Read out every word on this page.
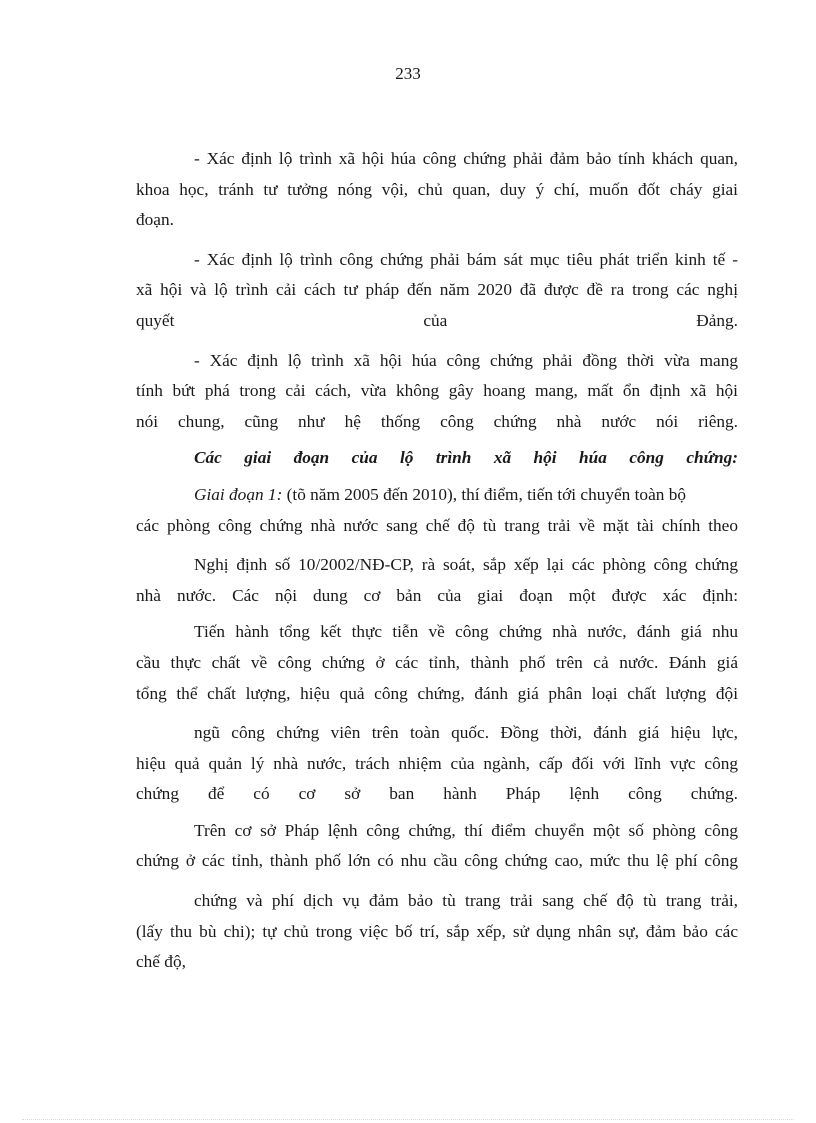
233

- Xác định lộ trình xã hội húa công chứng phải đảm bảo tính khách quan,
khoa học, tránh tư tưởng nóng vội, chủ quan, duy ý chí, muốn đốt cháy giai
đoạn.

- Xác định lộ trình công chứng phải bám sát mục tiêu phát triển kinh tế -
xã hội và lộ trình cải cách tư pháp đến năm 2020 đã được đề ra trong các nghị
quyết của Đảng.

- Xác định lộ trình xã hội húa công chứng phải đồng thời vừa mang
tính bứt phá trong cải cách, vừa không gây hoang mang, mất ổn định xã hội
nói chung, cũng như hệ thống công chứng nhà nước nói riêng.

Các giai đoạn của lộ trình xã hội húa công chứng:

Giai đoạn 1: (tõ năm 2005 đến 2010), thí điểm, tiến tới chuyển toàn bộ
các phòng công chứng nhà nước sang chế độ tù trang trải về mặt tài chính theo

Nghị định số 10/2002/NĐ-CP, rà soát, sắp xếp lại các phòng công chứng
nhà nước. Các nội dung cơ bản của giai đoạn một được xác định:

Tiến hành tổng kết thực tiễn về công chứng nhà nước, đánh giá nhu
cầu thực chất về công chứng ở các tỉnh, thành phố trên cả nước. Đánh giá
tổng thể chất lượng, hiệu quả công chứng, đánh giá phân loại chất lượng đội

ngũ công chứng viên trên toàn quốc. Đồng thời, đánh giá hiệu lực,
hiệu quả quản lý nhà nước, trách nhiệm của ngành, cấp đối với lĩnh vực công
chứng để có cơ sở ban hành Pháp lệnh công chứng.

Trên cơ sở Pháp lệnh công chứng, thí điểm chuyển một số phòng công
chứng ở các tỉnh, thành phố lớn có nhu cầu công chứng cao, mức thu lệ phí công

chứng và phí dịch vụ đảm bảo tù trang trải sang chế độ tù trang trải,
(lấy thu bù chi); tự chủ trong việc bố trí, sắp xếp, sử dụng nhân sự, đảm bảo các
chế độ,
